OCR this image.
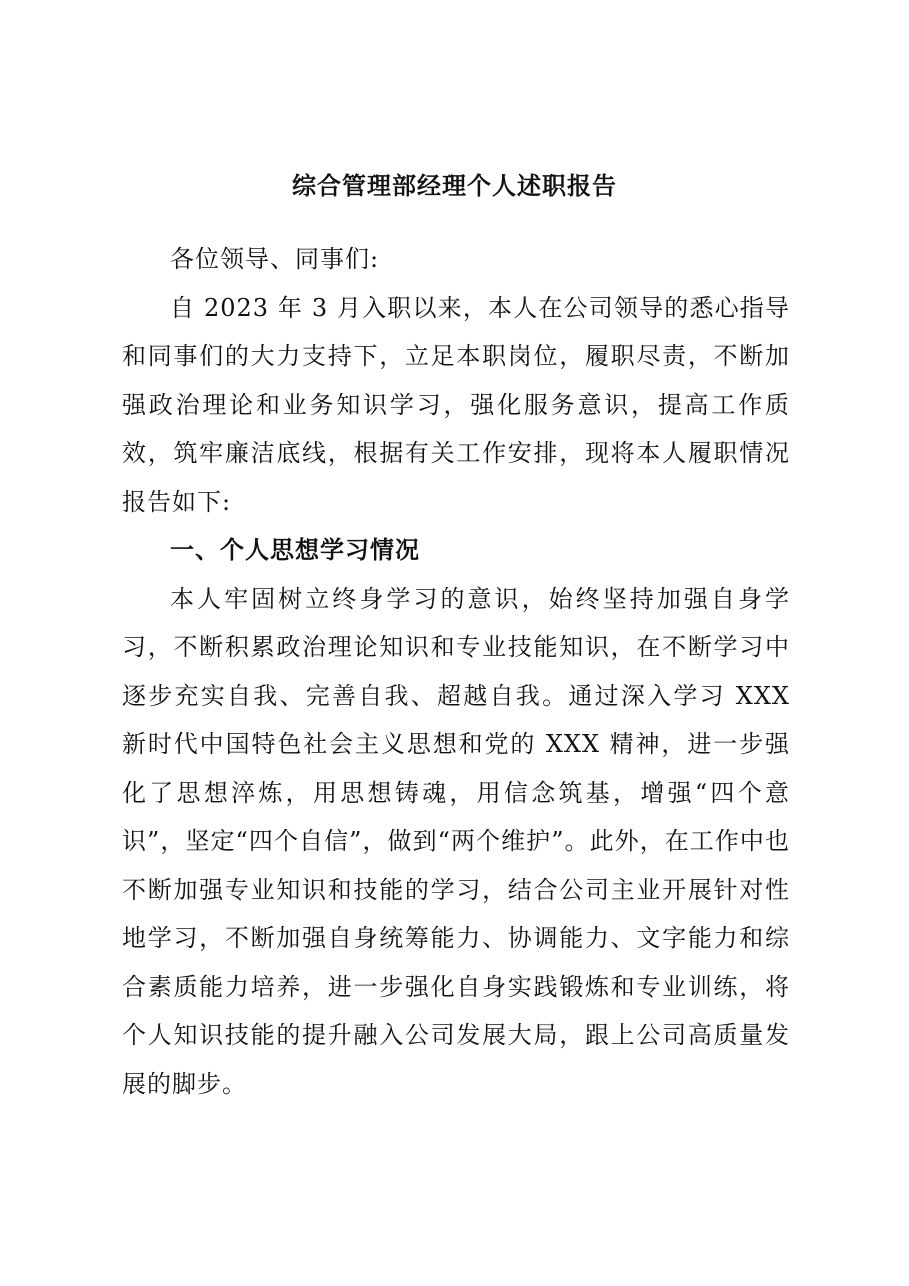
综合管理部经理个人述职报告

各位领导、同事们:

自 2023 年 3 月入职以来，本人在公司领导的悉心指导和同事们的大力支持下，立足本职岗位，履职尽责，不断加强政治理论和业务知识学习，强化服务意识，提高工作质效，筑牢廉洁底线，根据有关工作安排，现将本人履职情况报告如下:

一、个人思想学习情况

本人牢固树立终身学习的意识，始终坚持加强自身学习，不断积累政治理论知识和专业技能知识，在不断学习中逐步充实自我、完善自我、超越自我。通过深入学习 XXX 新时代中国特色社会主义思想和党的 XXX 精神，进一步强化了思想淬炼，用思想铸魂，用信念筑基，增强“四个意识”，坚定“四个自信”，做到“两个维护”。此外，在工作中也不断加强专业知识和技能的学习，结合公司主业开展针对性地学习，不断加强自身统筹能力、协调能力、文字能力和综合素质能力培养，进一步强化自身实践锻炼和专业训练，将个人知识技能的提升融入公司发展大局，跟上公司高质量发展的脚步。
